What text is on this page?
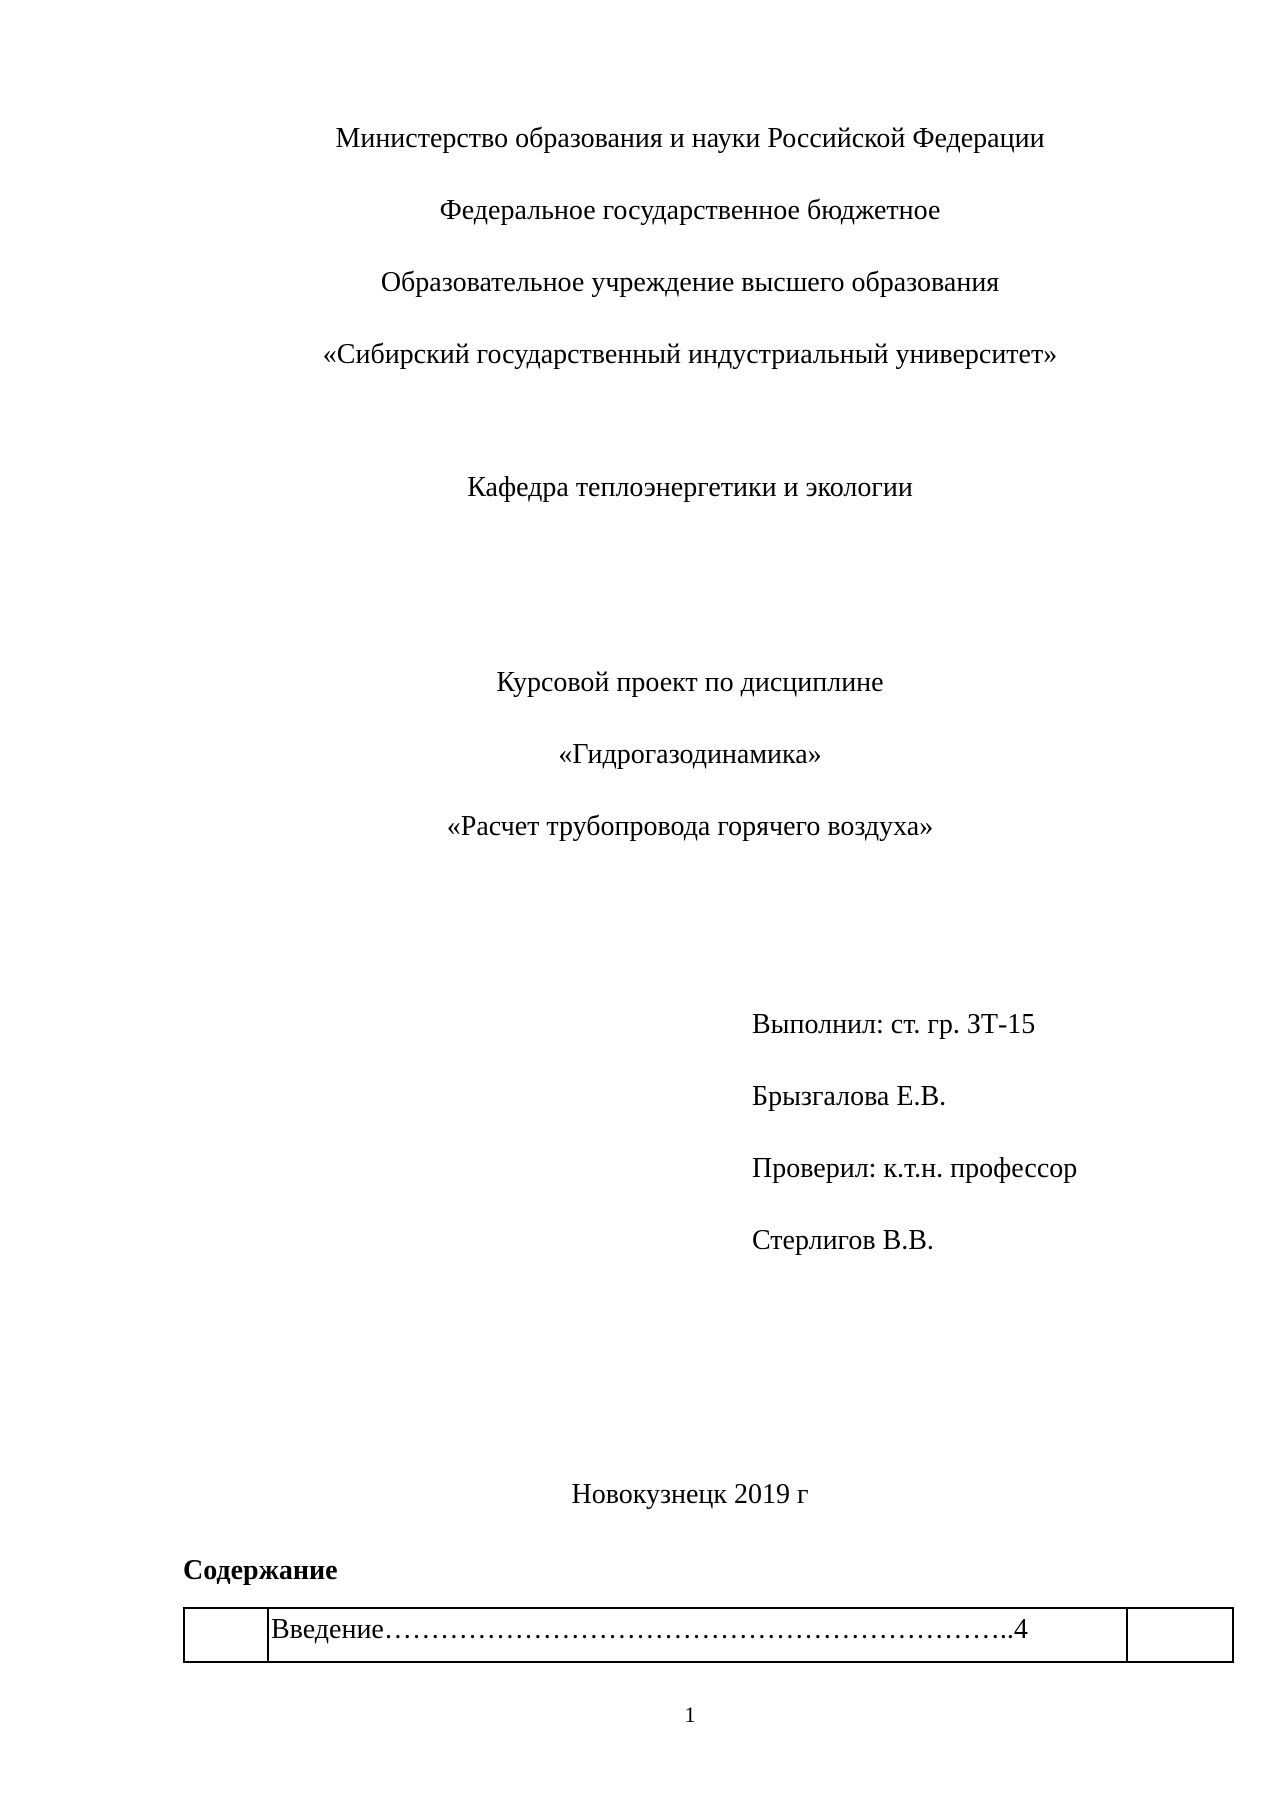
Министерство образования и науки Российской Федерации
Федеральное государственное бюджетное
Образовательное учреждение высшего образования
«Сибирский государственный индустриальный университет»
Кафедра теплоэнергетики и экологии
Курсовой проект по дисциплине
«Гидрогазодинамика»
«Расчет трубопровода горячего воздуха»
Выполнил: ст. гр. ЗТ-15
Брызгалова Е.В.
Проверил: к.т.н. профессор
Стерлигов В.В.
Новокузнецк 2019 г
Содержание
	Введение…………………………………………………………..4	
1
